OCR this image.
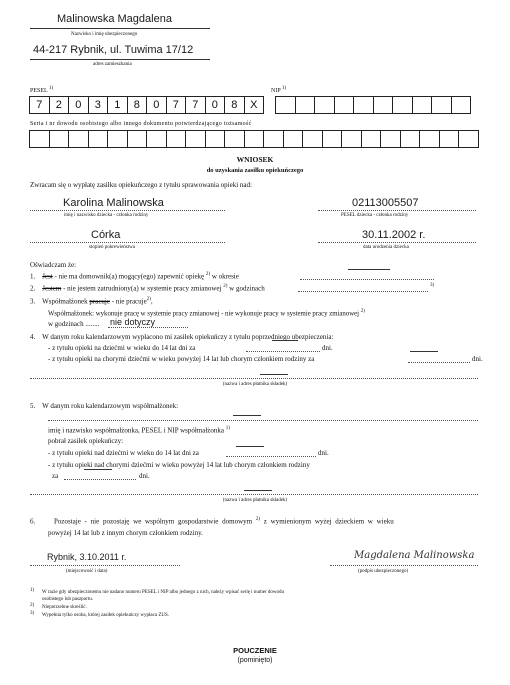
Malinowska Magdalena
Nazwisko i imię ubezpieczonego
44-217 Rybnik, ul. Tuwima 17/12
adres zamieszkania
PESEL $^{1)}$	NIP $^{1)}$
7	2	0	3	1	8	0	7	7	0	8	X
Seria i nr dowodu osobistego albo innego dokumentu potwierdzającego tożsamość
WNIOSEK
do uzyskania zasiłku opiekuńczego
Zwracam się o wypłatę zasiłku opiekuńczego z tytułu sprawowania opieki nad:
Karolina Malinowska
imię i nazwisko dziecka - członka rodziny
02113005507
PESEL dziecka - członka rodziny
Córka
stopień pokrewieństwa
30.11.2002 r.
data urodzenia dziecka
Oświadczam że:
1. Jest - nie ma domownik(a) mogący(ego) zapewnić opiekę $^{2)}$ w okresie
2. Jestem - nie jestem zatrudniony(a) w systemie pracy zmianowej $^{2)}$ w godzinach	3)
3. Współmałżonek pracuje - nie pracuje$^{2)}$,
Współmałżonek: wykonuje pracę w systemie pracy zmianowej - nie wykonuje pracy w systemie pracy zmianowej $^{2)}$
w godzinach ........ nie dotyczy
4. W danym roku kalendarzowym wypłacono mi zasiłek opiekuńczy z tytułu poprzedniego ubezpieczenia:
- z tytułu opieki na dziećmi w wieku do 14 lat dni za	dni.
- z tytułu opieki na chorymi dziećmi w wieku powyżej 14 lat lub chorym członkiem rodziny za	dni.
(nazwa i adres płatnika składek)
5. W danym roku kalendarzowym współmałżonek:
imię i nazwisko współmałżonka, PESEL i NIP współmałżonka $^{1)}$
pobrał zasiłek opiekuńczy:
- z tytułu opieki nad dziećmi w wieku do 14 lat dni za	dni.
- z tytułu opieki nad chorymi dziećmi w wieku powyżej 14 lat lub chorym członkiem rodziny
za	dni.
(nazwa i adres płatnika składek)
6.	Pozostaje - nie pozostaję we wspólnym gospodarstwie domowym $^{2)}$ z wymienionym wyżej dzieckiem w wieku
powyżej 14 lat lub z innym chorym członkiem rodziny.
Rybnik, 3.10.2011 r.
(miejscowość i data)
Magdalena Malinowska
(podpis ubezpieczonego)
1) W razie gdy ubezpieczonemu nie nadano numeru PESEL i NIP albo jednego z nich, należy wpisać serię i numer dowodu
osobistego lub paszportu.
2) Niepotrzebne skreślić.
3) Wypełnia tylko osoba, której zasiłek opiekuńczy wypłaca ZUS.
POUCZENIE
(pominięto)
